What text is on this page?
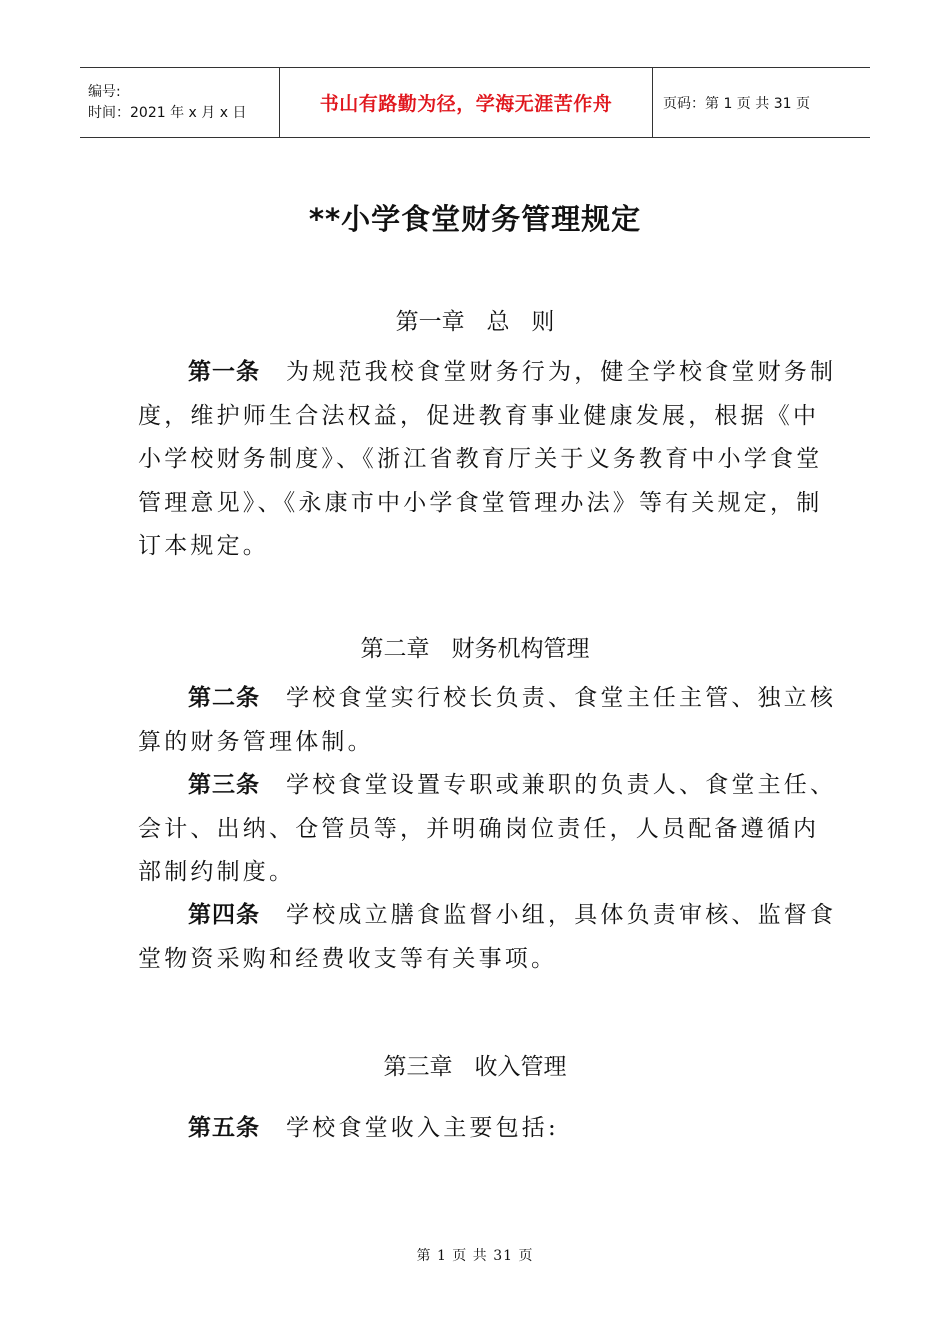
编号:
时间：2021 年 x 月 x 日	书山有路勤为径，学海无涯苦作舟	页码：第 1 页 共 31 页
**小学食堂财务管理规定
第一章   总   则

第一条 为规范我校食堂财务行为，健全学校食堂财务制度，维护师生合法权益，促进教育事业健康发展，根据《中小学校财务制度》、《浙江省教育厅关于义务教育中小学食堂管理意见》、《永康市中小学食堂管理办法》等有关规定，制订本规定。

第二章   财务机构管理

第二条 学校食堂实行校长负责、食堂主任主管、独立核算的财务管理体制。

第三条 学校食堂设置专职或兼职的负责人、食堂主任、会计、出纳、仓管员等，并明确岗位责任，人员配备遵循内部制约制度。

第四条 学校成立膳食监督小组，具体负责审核、监督食堂物资采购和经费收支等有关事项。

第三章   收入管理

第五条 学校食堂收入主要包括:

第 1 页 共 31 页
